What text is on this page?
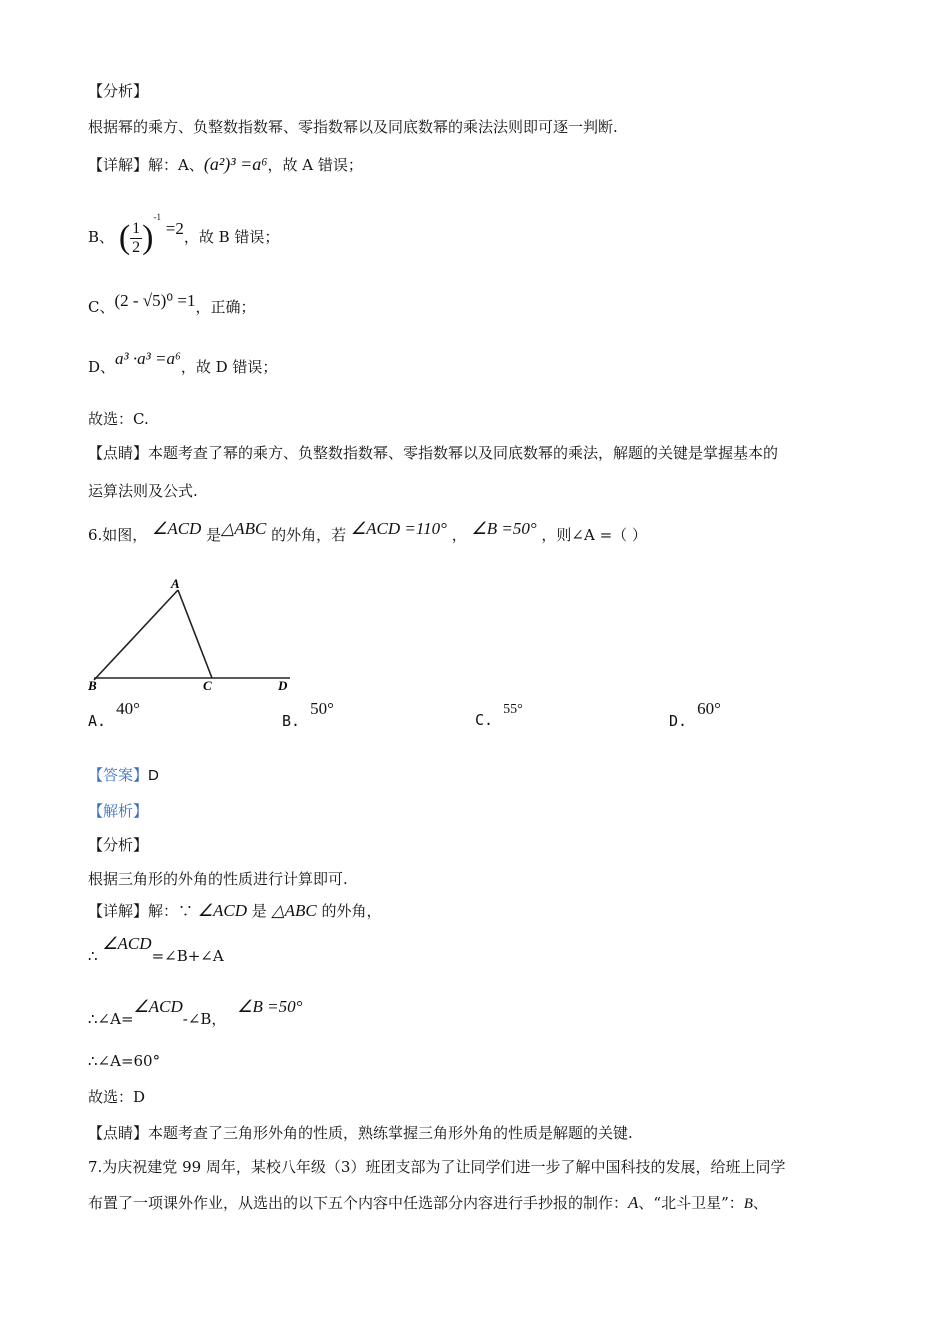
【分析】
根据幂的乘方、负整数指数幂、零指数幂以及同底数幂的乘法法则即可逐一判断.
【详解】解：A、(a²)³ =a⁶，故 A 错误；
B、 ( $\frac{1}{2} )^{-1} =2$，故 B 错误；
C、(2 - √5)⁰ =1，正确；
D、a³ ·a³ =a⁶，故 D 错误；
故选：C.
【点睛】本题考查了幂的乘方、负整数指数幂、零指数幂以及同底数幂的乘法，解题的关键是掌握基本的
运算法则及公式.
6.如图， ∠ACD 是△ABC 的外角，若 ∠ACD =110° ， ∠B =50° ，则∠A =（ ）
A
B	C	D
A.40°
B.50°
C.55°
D.60°
【答案】D
【解析】
【分析】
根据三角形的外角的性质进行计算即可.
【详解】解：∵ ∠ACD 是 △ABC 的外角，
∴ ∠ACD=∠B+∠A
∴∠A=∠ACD-∠B， ∠B =50°
∴∠A=60°
故选：D
【点睛】本题考查了三角形外角的性质，熟练掌握三角形外角的性质是解题的关键.
7.为庆祝建党 99 周年，某校八年级（3）班团支部为了让同学们进一步了解中国科技的发展，给班上同学
布置了一项课外作业，从选出的以下五个内容中任选部分内容进行手抄报的制作：A、“北斗卫星”：B、
